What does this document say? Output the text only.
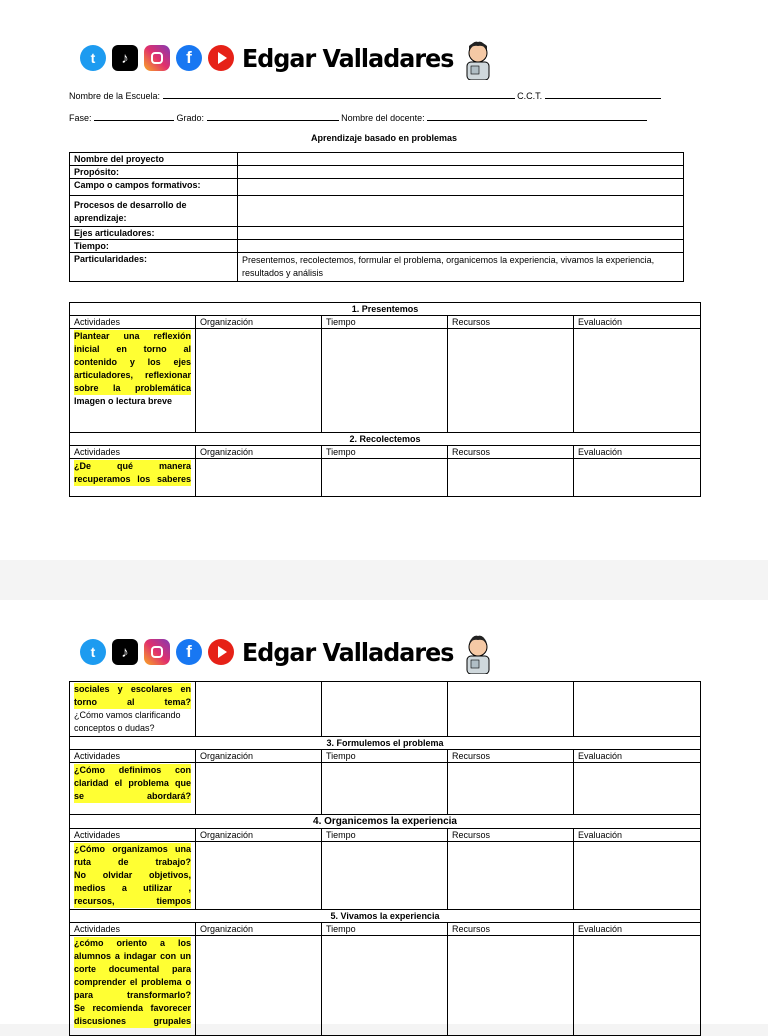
t	♪	f	Edgar Valladares
Nombre de la Escuela:	C.C.T.
Fase:	Grado:	Nombre del docente:
Aprendizaje basado en problemas
Nombre del proyecto	
Propósito:	
Campo o campos formativos:	
Procesos de desarrollo de aprendizaje:	
Ejes articuladores:	
Tiempo:	
Particularidades:	Presentemos, recolectemos, formular el problema, organicemos la experiencia, vivamos la experiencia, resultados y análisis
1. Presentemos				
Actividades	Organización	Tiempo	Recursos	Evaluación

Plantear una reflexión inicial en torno al contenido y los ejes articuladores, reflexionar sobre la problemática
Imagen o lectura breve				
2. Recolectemos				
Actividades	Organización	Tiempo	Recursos	Evaluación

¿De qué manera recuperamos los saberes				

t	♪	f	Edgar Valladares
sociales y escolares en torno al tema?
¿Cómo vamos clarificando conceptos o dudas?				
3. Formulemos el problema				
Actividades	Organización	Tiempo	Recursos	Evaluación

¿Cómo definimos con claridad el problema que se abordará?				

4. Organicemos la experiencia				
Actividades	Organización	Tiempo	Recursos	Evaluación

¿Cómo organizamos una ruta de trabajo?
No olvidar objetivos, medios a utilizar , recursos, tiempos				

5. Vivamos la experiencia				
Actividades	Organización	Tiempo	Recursos	Evaluación

¿cómo oriento a los alumnos a indagar con un corte documental para comprender el problema o para transformarlo?
Se recomienda favorecer discusiones grupales				
